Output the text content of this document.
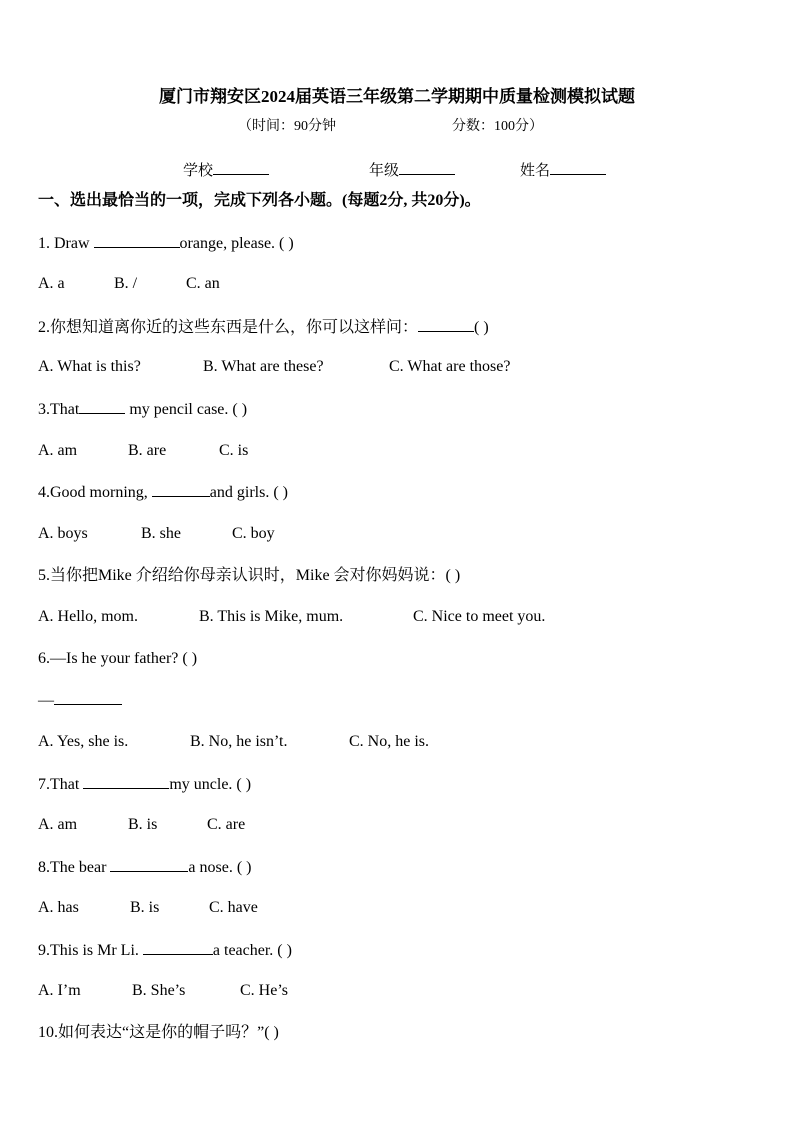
厦门市翔安区2024届英语三年级第二学期期中质量检测模拟试题
（时间：90分钟	分数：100分）
学校	年级	姓名
一、选出最恰当的一项，完成下列各小题。(每题2分, 共20分)。
1. Draw	orange, please. ( )
A. a	B. /	C. an
2.你想知道离你近的这些东西是什么，你可以这样问：	( )
A. What is this?	B. What are these?	C. What are those?
3.That	my pencil case. ( )
A. am	B. are	C. is
4.Good morning,	and girls. ( )
A. boys	B. she	C. boy
5.当你把Mike 介绍给你母亲认识时，Mike 会对你妈妈说：( )
A. Hello, mom.	B. This is Mike, mum.	C. Nice to meet you.
6.—Is he your father? ( )
—
A. Yes, she is.	B. No, he isn’t.	C. No, he is.
7.That	my uncle. ( )
A. am	B. is	C. are
8.The bear	a nose. ( )
A. has	B. is	C. have
9.This is Mr Li.	a teacher. ( )
A. I’m	B. She’s	C. He’s
10.如何表达“这是你的帽子吗？”( )
